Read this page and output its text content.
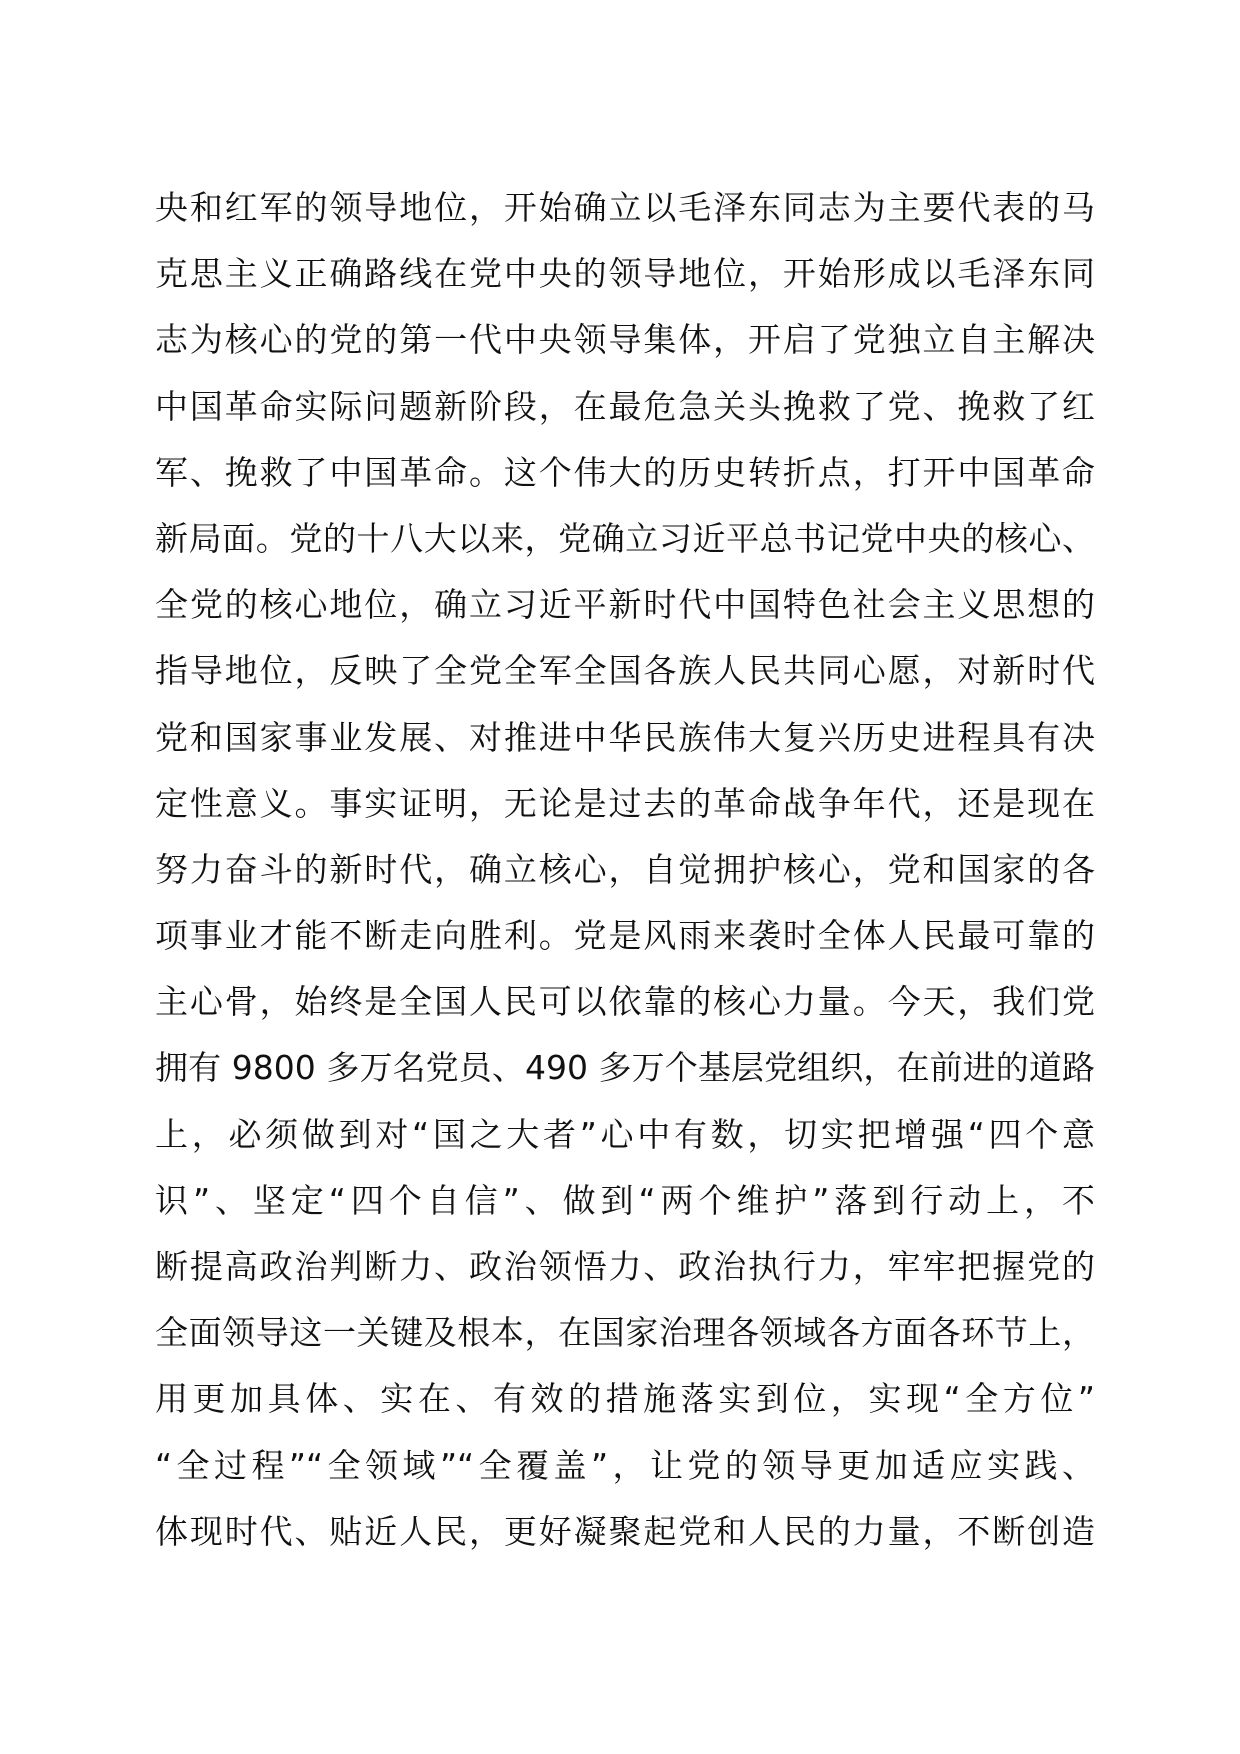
央和红军的领导地位，开始确立以毛泽东同志为主要代表的马
克思主义正确路线在党中央的领导地位，开始形成以毛泽东同
志为核心的党的第一代中央领导集体，开启了党独立自主解决
中国革命实际问题新阶段，在最危急关头挽救了党、挽救了红
军、挽救了中国革命。这个伟大的历史转折点，打开中国革命
新局面。党的十八大以来，党确立习近平总书记党中央的核心、
全党的核心地位，确立习近平新时代中国特色社会主义思想的
指导地位，反映了全党全军全国各族人民共同心愿，对新时代
党和国家事业发展、对推进中华民族伟大复兴历史进程具有决
定性意义。事实证明，无论是过去的革命战争年代，还是现在
努力奋斗的新时代，确立核心，自觉拥护核心，党和国家的各
项事业才能不断走向胜利。党是风雨来袭时全体人民最可靠的
主心骨，始终是全国人民可以依靠的核心力量。今天，我们党
拥有 9800 多万名党员、490 多万个基层党组织，在前进的道路
上，必须做到对“国之大者”心中有数，切实把增强“四个意
识”、坚定“四个自信”、做到“两个维护”落到行动上，不
断提高政治判断力、政治领悟力、政治执行力，牢牢把握党的
全面领导这一关键及根本，在国家治理各领域各方面各环节上，
用更加具体、实在、有效的措施落实到位，实现“全方位”
“全过程”“全领域”“全覆盖”，让党的领导更加适应实践、
体现时代、贴近人民，更好凝聚起党和人民的力量，不断创造
